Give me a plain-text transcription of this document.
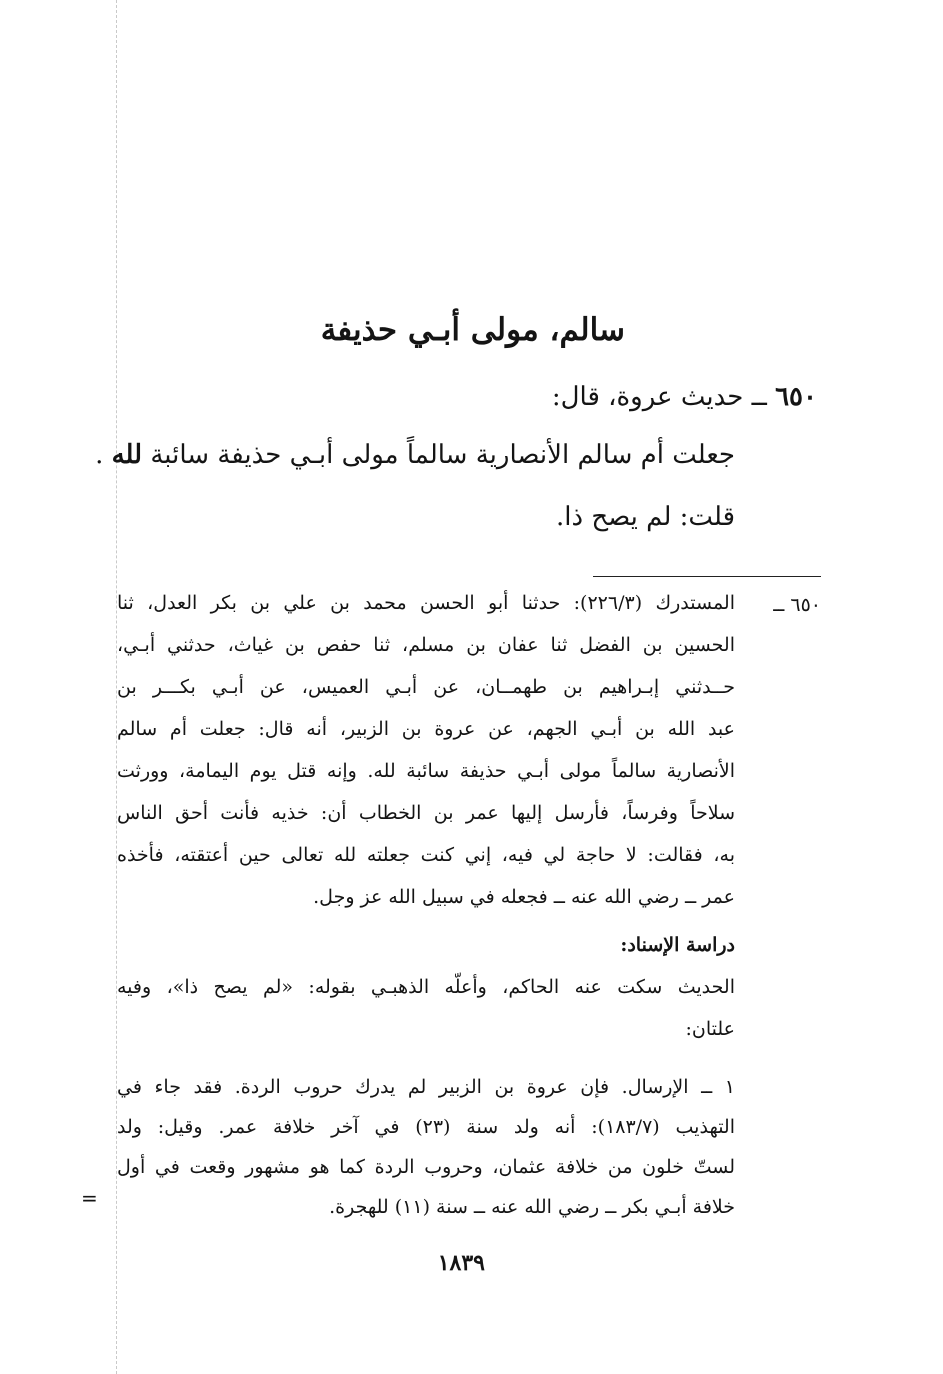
سالم، مولى أبـي حذيفة
٦٥٠ ــ حديث عروة، قال:
جعلت أم سالم الأنصارية سالماً مولى أبـي حذيفة سائبة لله .
قلت: لم يصح ذا.
٦٥٠ ــ
المستدرك (٢٢٦/٣): حدثنا أبو الحسن محمد بن علي بن بكر العدل، ثنا
الحسين بن الفضل ثنا عفان بن مسلم، ثنا حفص بن غياث، حدثني أبـي،
حــدثني إبـراهيم بن طهمــان، عن أبـي العميس، عن أبـي بكـــر بن
عبد الله بن أبـي الجهم، عن عروة بن الزبير، أنه قال: جعلت أم سالم
الأنصارية سالماً مولى أبـي حذيفة سائبة لله. وإنه قتل يوم اليمامة، وورثت
سلاحاً وفرساً، فأرسل إليها عمر بن الخطاب أن: خذيه فأنت أحق الناس
به، فقالت: لا حاجة لي فيه، إني كنت جعلته لله تعالى حين أعتقته، فأخذه
عمر ــ رضي الله عنه ــ فجعله في سبيل الله عز وجل.
دراسة الإسناد:
الحديث سكت عنه الحاكم، وأعلّه الذهبـي بقوله: «لم يصح ذا»، وفيه
علتان:
١ ــ الإرسال. فإن عروة بن الزبير لم يدرك حروب الردة. فقد جاء في
التهذيب (١٨٣/٧): أنه ولد سنة (٢٣) في آخر خلافة عمر. وقيل: ولد
لستّ خلون من خلافة عثمان، وحروب الردة كما هو مشهور وقعت في أول
خلافة أبـي بكر ــ رضي الله عنه ــ سنة (١١) للهجرة.
١٨٣٩
=
